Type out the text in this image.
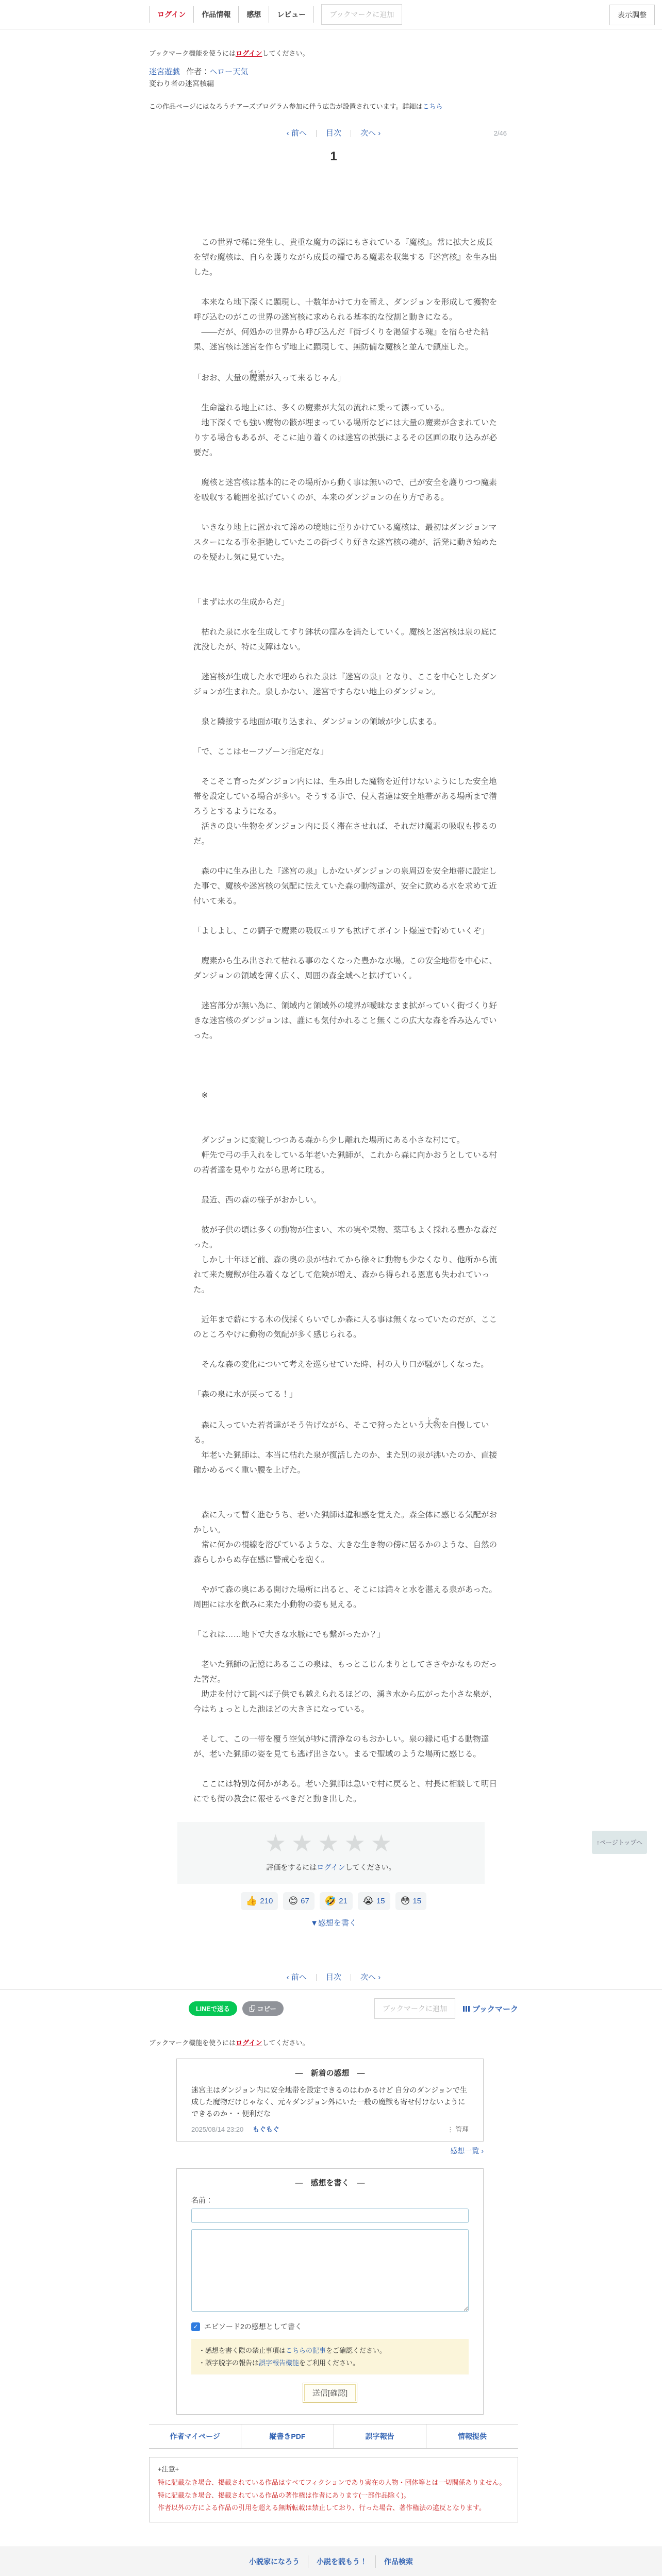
ログイン	作品情報	感想	レビュー	ブックマークに追加	表示調整

ブックマーク機能を使うにはログインしてください。

迷宮遊戯 作者：ヘロー天気
変わり者の迷宮核編
この作品ページにはなろうチアーズプログラム参加に伴う広告が設置されています。詳細はこちら
‹ 前へ 目次 次へ ›	2/46
1

　この世界で稀に発生し、貴重な魔力の源にもされている『魔核』。常に拡大と成長を望む魔核は、自らを護りながら成長の糧である魔素を収集する『迷宮核』を生み出した。

　本来なら地下深くに顕現し、十数年かけて力を蓄え、ダンジョンを形成して獲物を呼び込むのがこの世界の迷宮核に求められる基本的な役割と動きになる。

　――だが、何処かの世界から呼び込んだ『街づくりを渇望する魂』を宿らせた結果、迷宮核は迷宮を作らず地上に顕現して、無防備な魔核と並んで鎮座した。

「おお、大量の魔素ポイントが入って来るじゃん」

　生命溢れる地上には、多くの魔素が大気の流れに乗って漂っている。

　地下深くでも強い魔物の骸が埋まっている場所などには大量の魔素が含まれていたりする場合もあるが、そこに辿り着くのは迷宮の拡張によるその区画の取り込みが必要だ。

　魔核と迷宮核は基本的にその場所から動く事は無いので、己が安全を護りつつ魔素を吸収する範囲を拡げていくのが、本来のダンジョンの在り方である。

　いきなり地上に置かれて諦めの境地に至りかけている魔核は、最初はダンジョンマスターになる事を拒絶していたこの街づくり好きな迷宮核の魂が、活発に動き始めたのを疑わし気に見ていた。

「まずは水の生成からだ」

　枯れた泉に水を生成してすり鉢状の窪みを満たしていく。魔核と迷宮核は泉の底に沈没したが、特に支障はない。

　迷宮核が生成した水で埋められた泉は『迷宮の泉』となり、ここを中心としたダンジョンが生まれた。泉しかない、迷宮ですらない地上のダンジョン。

　泉と隣接する地面が取り込まれ、ダンジョンの領域が少し広まる。

「で、ここはセーフゾーン指定だな」

　そこそこ育ったダンジョン内には、生み出した魔物を近付けないようにした安全地帯を設定している場合が多い。そうする事で、侵入者達は安全地帯がある場所まで潜ろうとするようになる。

　活きの良い生物をダンジョン内に長く滞在させれば、それだけ魔素の吸収も捗るのだ。

　森の中に生み出した『迷宮の泉』しかないダンジョンの泉周辺を安全地帯に設定した事で、魔核や迷宮核の気配に怯えていた森の動物達が、安全に飲める水を求めて近付いて来る。

「よしよし、この調子で魔素の吸収エリアも拡げてポイント爆速で貯めていくぞ」

　魔素から生み出されて枯れる事のなくなった豊かな水場。この安全地帯を中心に、ダンジョンの領域を薄く広く、周囲の森全域へと拡げていく。

　迷宮部分が無い為に、領域内と領域外の境界が曖昧なまま拡がっていく街づくり好きな迷宮核のダンジョンは、誰にも気付かれること無くこの広大な森を呑み込んでいった。

　※

　ダンジョンに変貌しつつある森から少し離れた場所にある小さな村にて。

　軒先で弓の手入れをしている年老いた猟師が、これから森に向かおうとしている村の若者達を見やりながら思考に耽る。

　最近、西の森の様子がおかしい。

　彼が子供の頃は多くの動物が住まい、木の実や果物、薬草もよく採れる豊かな森だった。

　しかし十年ほど前、森の奥の泉が枯れてから徐々に動物も少なくなり、他所から流れて来た魔獣が住み着くなどして危険が増え、森から得られる恩恵も失われていった。

　近年まで薪にする木の伐採くらいでしか森に入る事は無くなっていたのだが、ここのところやけに動物の気配が多く感じられる。

　そんな森の変化について考えを巡らせていた時、村の入り口が騒がしくなった。

「森の泉に水が戻ってる！」

　森に入っていた若者達がそう告げながら、そこで狩ったという大物しかを自慢している。

　年老いた猟師は、本当に枯れた泉が復活したのか、また別の泉が沸いたのか、直接確かめるべく重い腰を上げた。

　森に入って暫く進むうち、老いた猟師は違和感を覚えた。森全体に感じる気配がおかしい。

　常に何かの視線を浴びているような、大きな生き物の傍に居るかのような、自然の森らしからぬ存在感に警戒心を抱く。

　やがて森の奥にある開けた場所に出ると、そこには満々と水を湛える泉があった。周囲には水を飲みに来た小動物の姿も見える。

「これは……地下で大きな水脈にでも繋がったか？」

　老いた猟師の記憶にあるここの泉は、もっとこじんまりとしてささやかなものだった筈だ。

　助走を付けて跳べば子供でも越えられるほどの、湧き水から広がった小さな泉が、今はちょっとした池ほどの大きさになっている。

　そして、この一帯を覆う空気が妙に清浄なのもおかしい。泉の縁に屯する動物達が、老いた猟師の姿を見ても逃げ出さない。まるで聖域のような場所に感じる。

　ここには特別な何かがある。老いた猟師は急いで村に戻ると、村長に相談して明日にでも街の教会に報せるべきだと動き出した。

★★★★★

評価をするにはログインしてください。

👍 210 😊 67 🤣 21 😭 15 😳 15
▼感想を書く
‹ 前へ 目次 次へ ›
LINEで送る	コピー	ブックマークに追加	ブックマーク

ブックマーク機能を使うにはログインしてください。

—　新着の感想　—

迷宮主はダンジョン内に安全地帯を設定できるのはわかるけど 自分のダンジョンで生成した魔物だけじゃなく、元々ダンジョン外にいた一般の魔獣も寄せ付けないようにできるのか・・便利だな

2025/08/14 23:20 もぐもぐ	⋮ 管理
感想一覧 ›

—　感想を書く　—

名前：

✓ エピソード2の感想として書く
・感想を書く際の禁止事項はこちらの記事をご確認ください。
・誤字脱字の報告は誤字報告機能をご利用ください。
送信[確認]
作者マイページ	縦書きPDF	誤字報告	情報提供

+注意+

特に記載なき場合、掲載されている作品はすべてフィクションであり実在の人物・団体等とは一切関係ありません。

特に記載なき場合、掲載されている作品の著作権は作者にあります(一部作品除く)。

作者以外の方による作品の引用を超える無断転載は禁止しており、行った場合、著作権法の違反となります。

↑ページトップへ
小説家になろう	小説を読もう！	作品検索
